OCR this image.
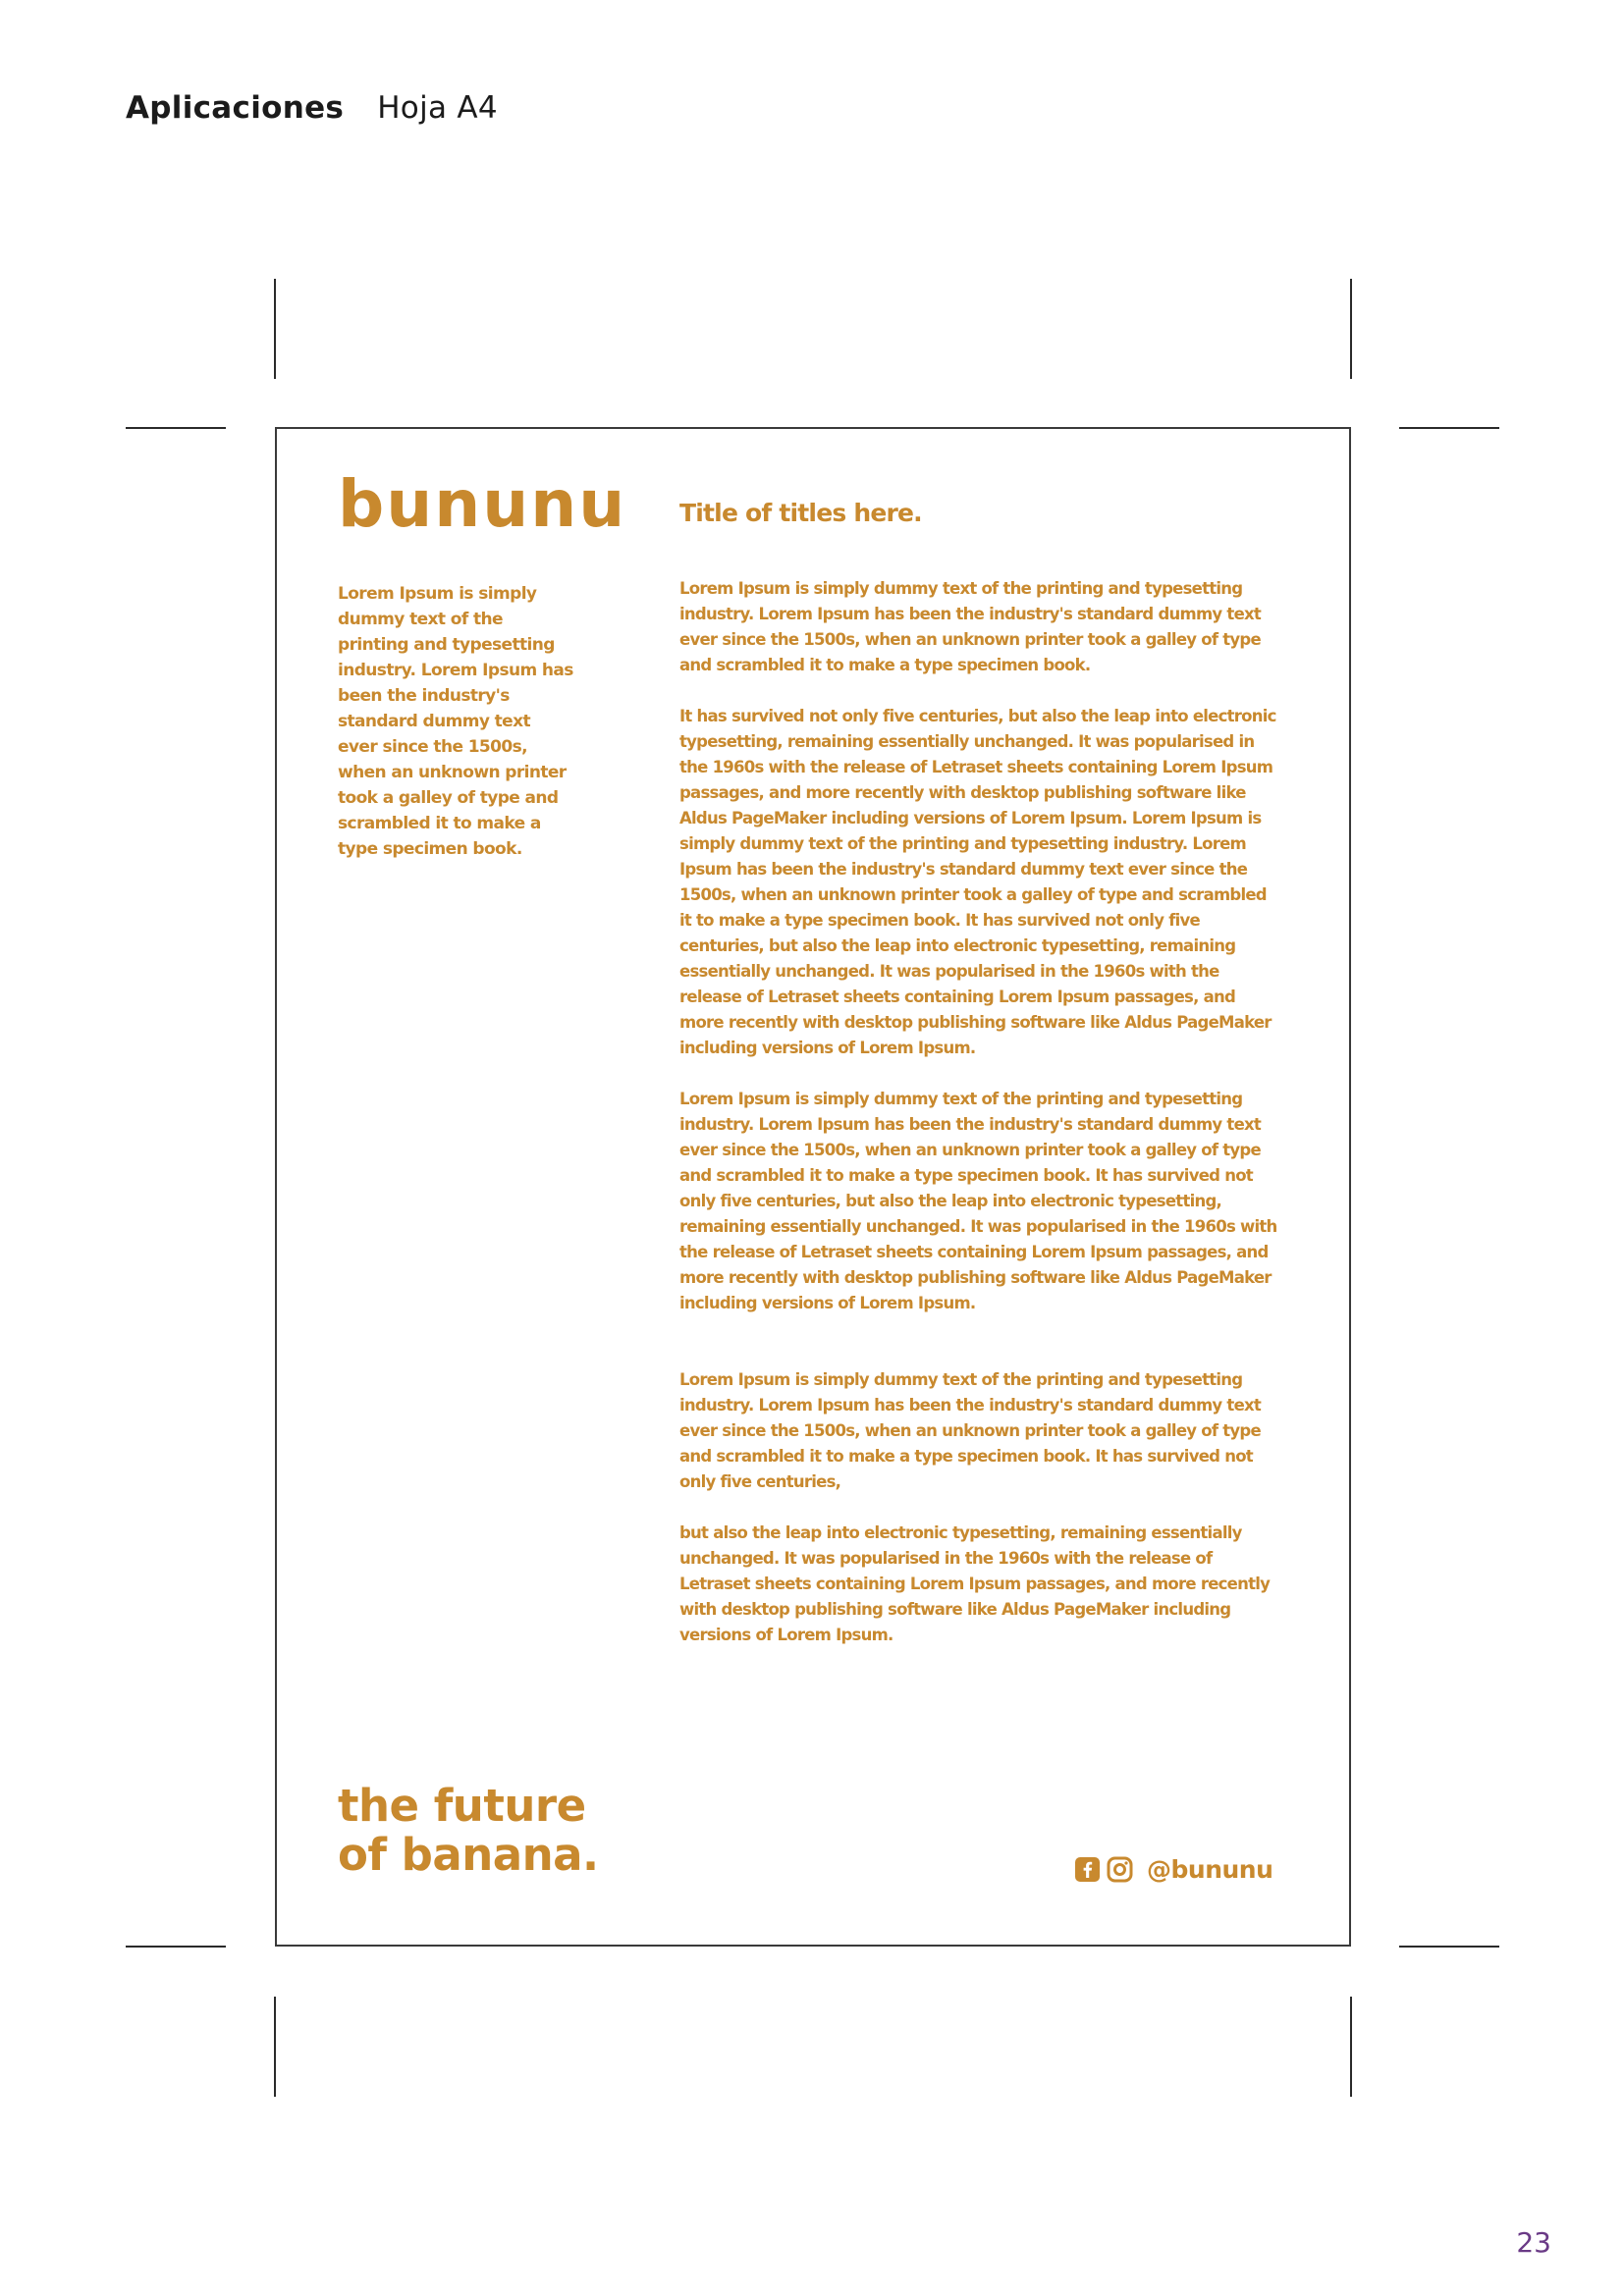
Aplicaciones Hoja A4
bununu
Lorem Ipsum is simply dummy text of the printing and typesetting industry. Lorem Ipsum has been the industry's standard dummy text ever since the 1500s, when an unknown printer took a galley of type and scrambled it to make a type specimen book.
Title of titles here.

Lorem Ipsum is simply dummy text of the printing and typesetting industry. Lorem Ipsum has been the industry's standard dummy text ever since the 1500s, when an unknown printer took a galley of type and scrambled it to make a type specimen book.

It has survived not only five centuries, but also the leap into electronic typesetting, remaining essentially unchanged. It was popularised in the 1960s with the release of Letraset sheets containing Lorem Ipsum passages, and more recently with desktop publishing software like Aldus PageMaker including versions of Lorem Ipsum. Lorem Ipsum is simply dummy text of the printing and typesetting industry. Lorem Ipsum has been the industry's standard dummy text ever since the 1500s, when an unknown printer took a galley of type and scrambled it to make a type specimen book. It has survived not only five centuries, but also the leap into electronic typesetting, remaining essentially unchanged. It was popularised in the 1960s with the release of Letraset sheets containing Lorem Ipsum passages, and more recently with desktop publishing software like Aldus PageMaker including versions of Lorem Ipsum.

Lorem Ipsum is simply dummy text of the printing and typesetting industry. Lorem Ipsum has been the industry's standard dummy text ever since the 1500s, when an unknown printer took a galley of type and scrambled it to make a type specimen book. It has survived not only five centuries, but also the leap into electronic typesetting, remaining essentially unchanged. It was popularised in the 1960s with the release of Letraset sheets containing Lorem Ipsum passages, and more recently with desktop publishing software like Aldus PageMaker including versions of Lorem Ipsum.

Lorem Ipsum is simply dummy text of the printing and typesetting industry. Lorem Ipsum has been the industry's standard dummy text ever since the 1500s, when an unknown printer took a galley of type and scrambled it to make a type specimen book. It has survived not only five centuries,

but also the leap into electronic typesetting, remaining essentially unchanged. It was popularised in the 1960s with the release of Letraset sheets containing Lorem Ipsum passages, and more recently with desktop publishing software like Aldus PageMaker including versions of Lorem Ipsum.

the future
of banana.	@bununu
23
